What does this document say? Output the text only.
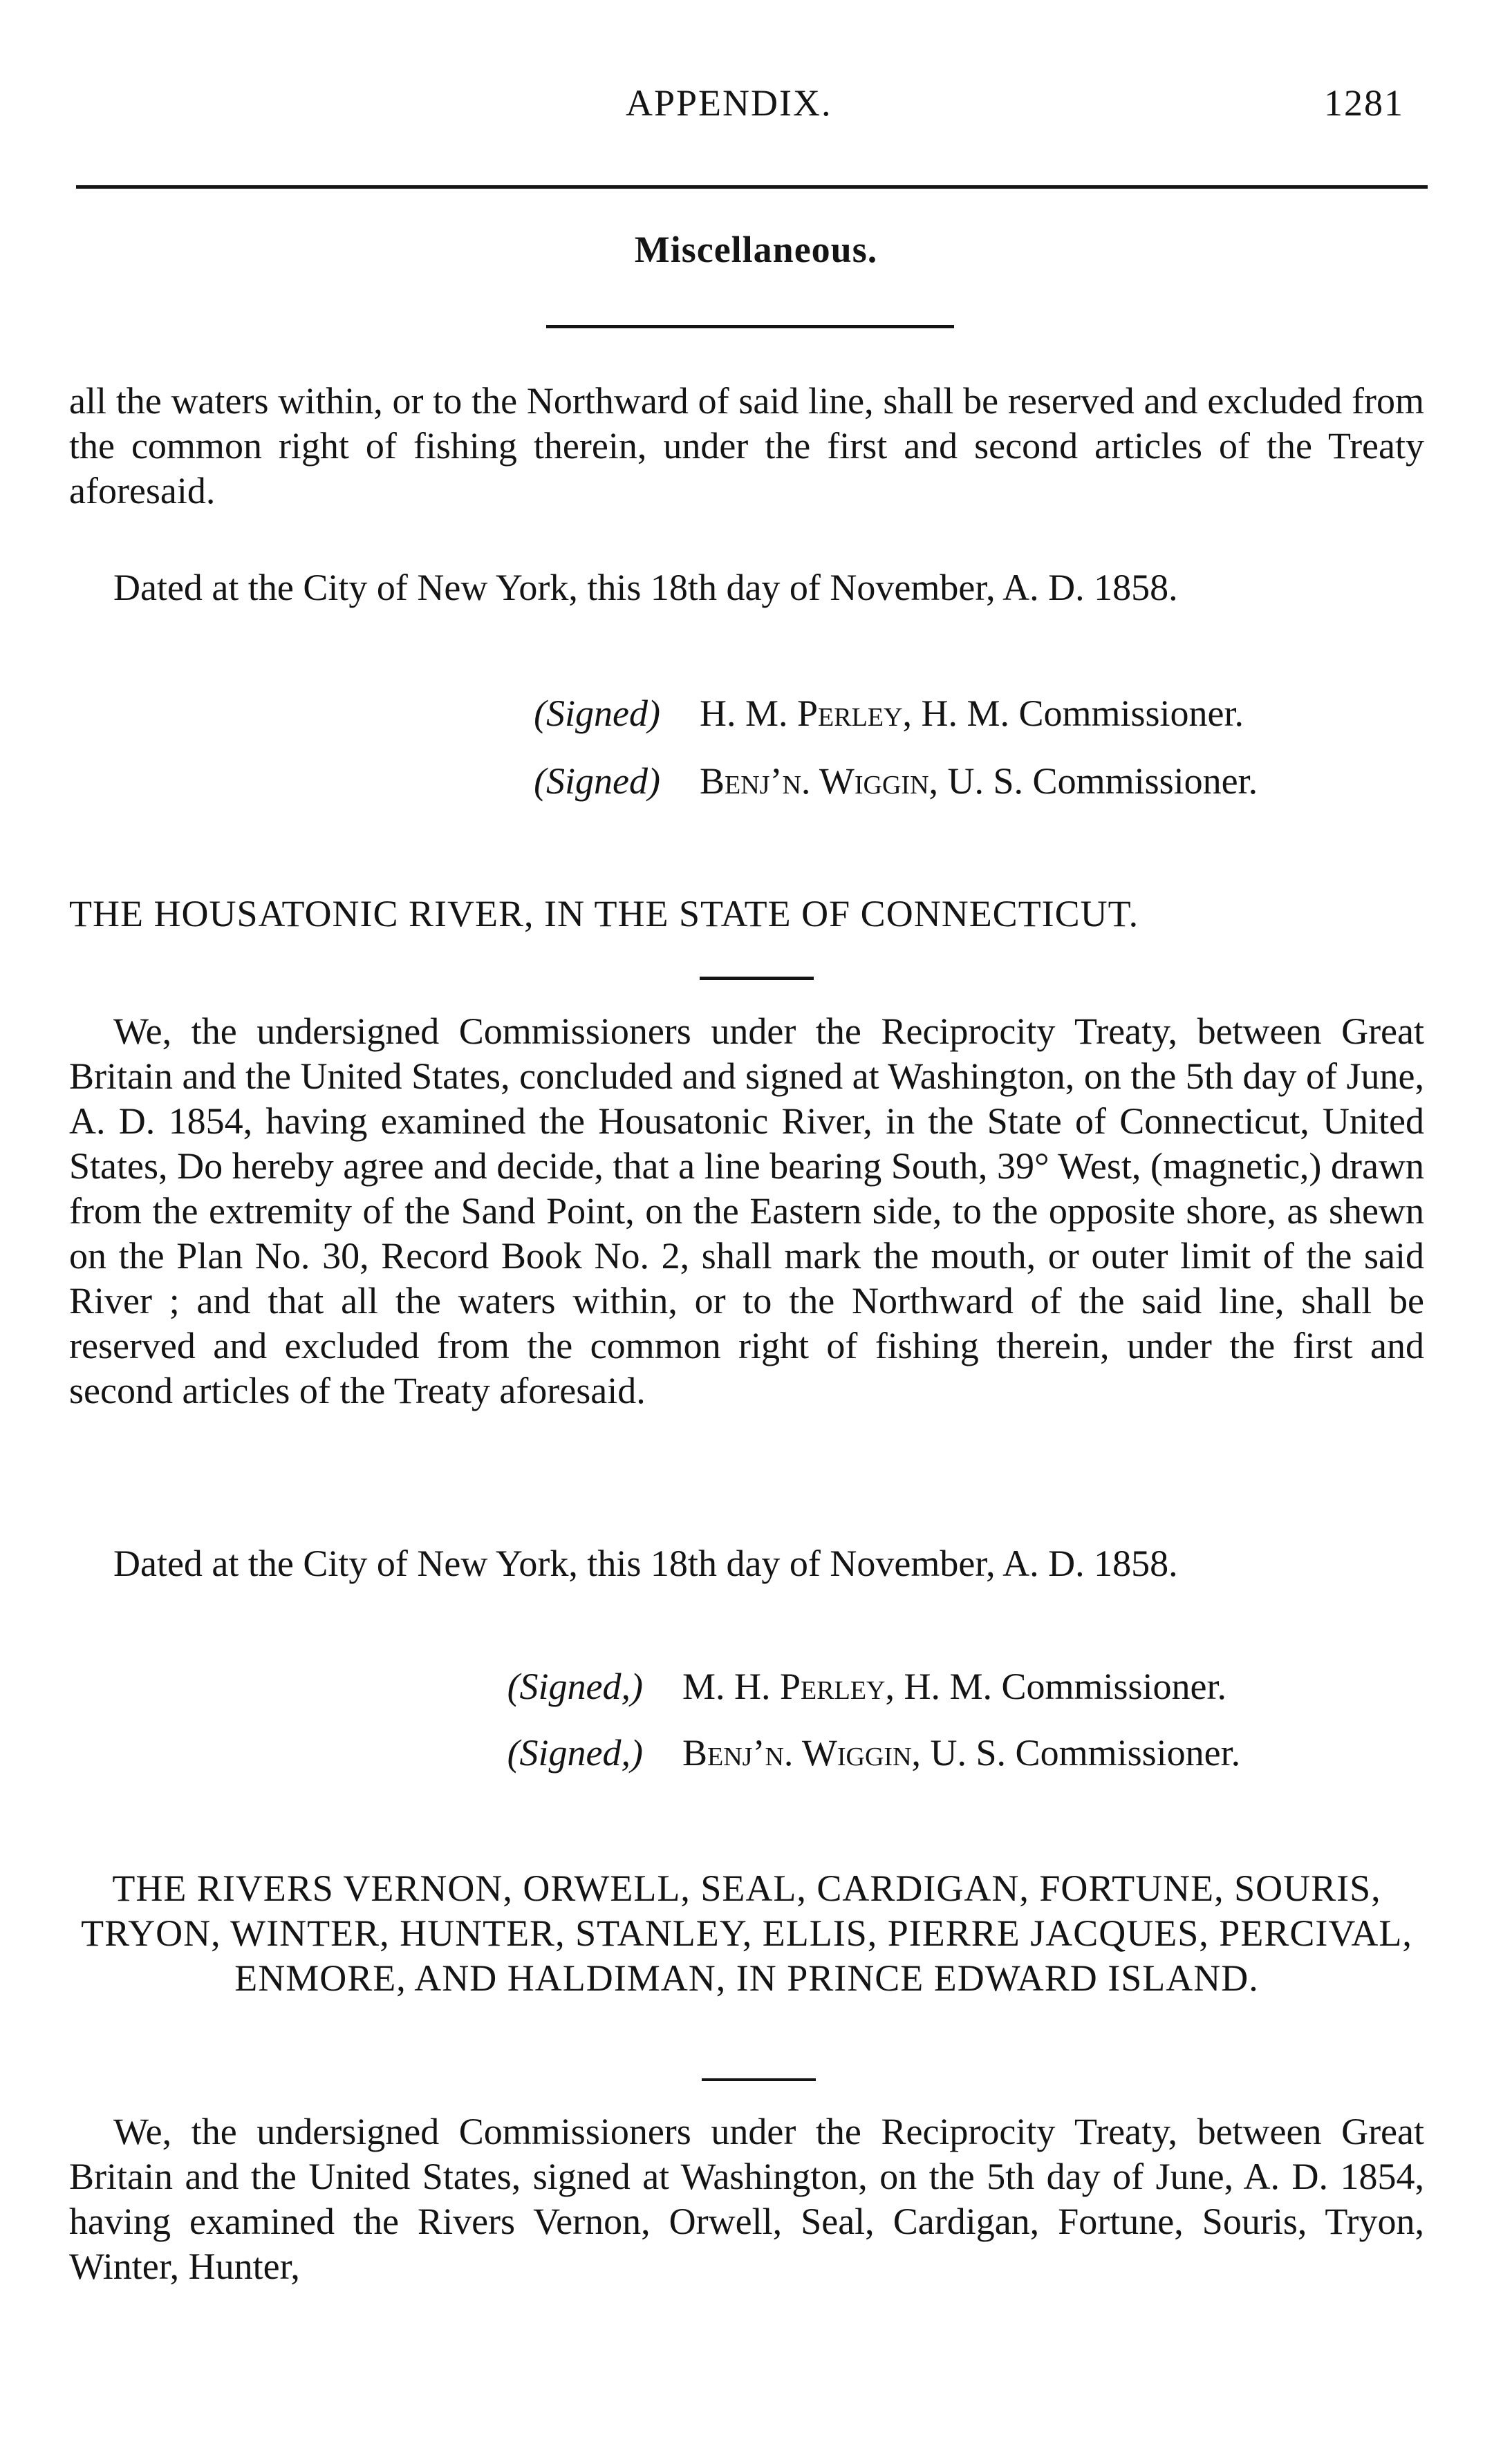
APPENDIX.	1281
Miscellaneous.

all the waters within, or to the Northward of said line, shall be reserved and excluded from the common right of fishing therein, under the first and second articles of the Treaty aforesaid.

Dated at the City of New York, this 18th day of November, A. D. 1858.

(Signed) H. M. Perley, H. M. Commissioner.
(Signed) Benj’n. Wiggin, U. S. Commissioner.
THE HOUSATONIC RIVER, IN THE STATE OF CONNECTICUT.

We, the undersigned Commissioners under the Reciprocity Treaty, between Great Britain and the United States, concluded and signed at Washington, on the 5th day of June, A. D. 1854, having examined the Housatonic River, in the State of Connecticut, United States, Do hereby agree and decide, that a line bearing South, 39° West, (magnetic,) drawn from the extremity of the Sand Point, on the Eastern side, to the opposite shore, as shewn on the Plan No. 30, Record Book No. 2, shall mark the mouth, or outer limit of the said River ; and that all the waters within, or to the Northward of the said line, shall be reserved and excluded from the common right of fishing therein, under the first and second articles of the Treaty aforesaid.

Dated at the City of New York, this 18th day of November, A. D. 1858.

(Signed,) M. H. Perley, H. M. Commissioner.
(Signed,) Benj’n. Wiggin, U. S. Commissioner.
THE RIVERS VERNON, ORWELL, SEAL, CARDIGAN, FORTUNE, SOURIS, TRYON, WINTER, HUNTER, STANLEY, ELLIS, PIERRE JACQUES, PERCIVAL, ENMORE, AND HALDIMAN, IN PRINCE EDWARD ISLAND.

We, the undersigned Commissioners under the Reciprocity Treaty, between Great Britain and the United States, signed at Washington, on the 5th day of June, A. D. 1854, having examined the Rivers Vernon, Orwell, Seal, Cardigan, Fortune, Souris, Tryon, Winter, Hunter,
